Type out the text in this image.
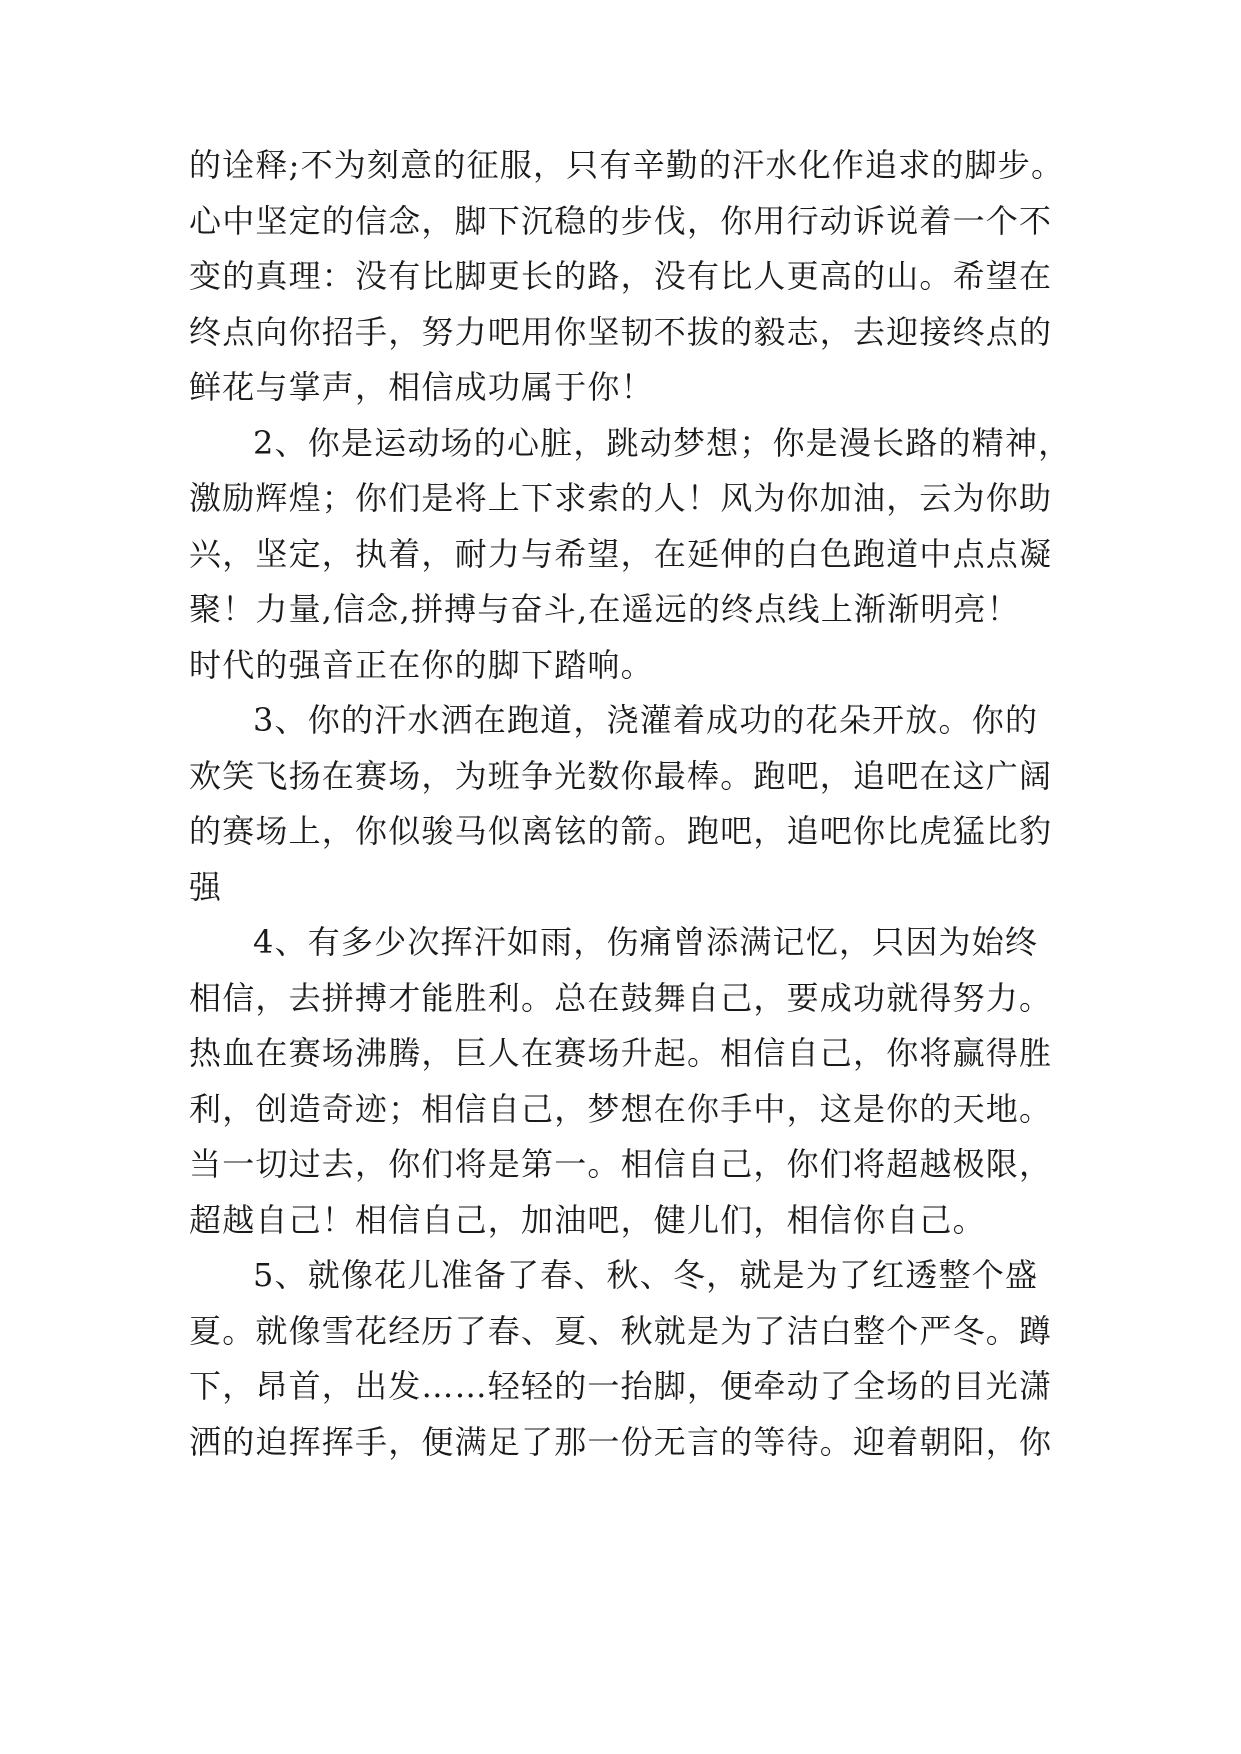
的诠释;不为刻意的征服，只有辛勤的汗水化作追求的脚步。
心中坚定的信念，脚下沉稳的步伐，你用行动诉说着一个不
变的真理：没有比脚更长的路，没有比人更高的山。希望在
终点向你招手，努力吧用你坚韧不拔的毅志，去迎接终点的
鲜花与掌声，相信成功属于你！
2、你是运动场的心脏，跳动梦想；你是漫长路的精神，
激励辉煌；你们是将上下求索的人！风为你加油，云为你助
兴，坚定，执着，耐力与希望，在延伸的白色跑道中点点凝
聚！力量,信念,拼搏与奋斗,在遥远的终点线上渐渐明亮！
时代的强音正在你的脚下踏响。
3、你的汗水洒在跑道，浇灌着成功的花朵开放。你的
欢笑飞扬在赛场，为班争光数你最棒。跑吧，追吧在这广阔
的赛场上，你似骏马似离铉的箭。跑吧，追吧你比虎猛比豹
强
4、有多少次挥汗如雨，伤痛曾添满记忆，只因为始终
相信，去拼搏才能胜利。总在鼓舞自己，要成功就得努力。
热血在赛场沸腾，巨人在赛场升起。相信自己，你将赢得胜
利，创造奇迹；相信自己，梦想在你手中，这是你的天地。
当一切过去，你们将是第一。相信自己，你们将超越极限，
超越自己！相信自己，加油吧，健儿们，相信你自己。
5、就像花儿准备了春、秋、冬，就是为了红透整个盛
夏。就像雪花经历了春、夏、秋就是为了洁白整个严冬。蹲
下，昂首，出发……轻轻的一抬脚，便牵动了全场的目光潇
洒的迫挥挥手，便满足了那一份无言的等待。迎着朝阳，你
